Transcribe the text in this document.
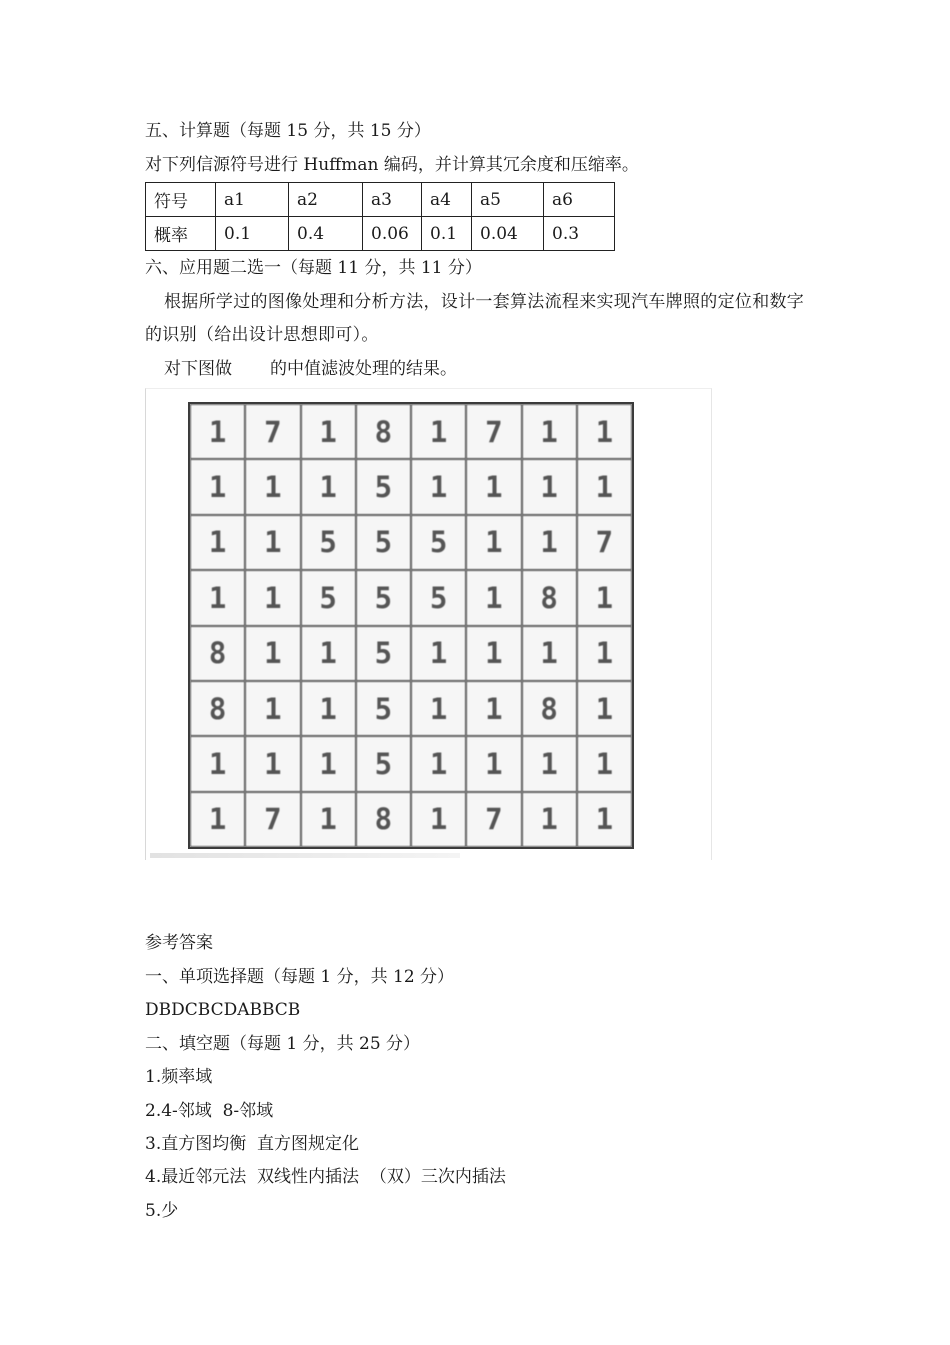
五、计算题（每题 15 分，共 15 分）
对下列信源符号进行 Huffman 编码，并计算其冗余度和压缩率。
符号	a1	a2	a3	a4	a5	a6
概率	0.1	0.4	0.06	0.1	0.04	0.3
六、应用题二选一（每题 11 分，共 11 分）
根据所学过的图像处理和分析方法，设计一套算法流程来实现汽车牌照的定位和数字的识别（给出设计思想即可）。
对下图做 的中值滤波处理的结果。
1	7	1	8	1	7	1	1
1	1	1	5	1	1	1	1
1	1	5	5	5	1	1	7
1	1	5	5	5	1	8	1
8	1	1	5	1	1	1	1
8	1	1	5	1	1	8	1
1	1	1	5	1	1	1	1
1	7	1	8	1	7	1	1
参考答案
一、单项选择题（每题 1 分，共 12 分）
DBDCBCDABBCB
二、填空题（每题 1 分，共 25 分）
1.频率域
2.4-邻域  8-邻域
3.直方图均衡  直方图规定化
4.最近邻元法  双线性内插法  （双）三次内插法
5.少
